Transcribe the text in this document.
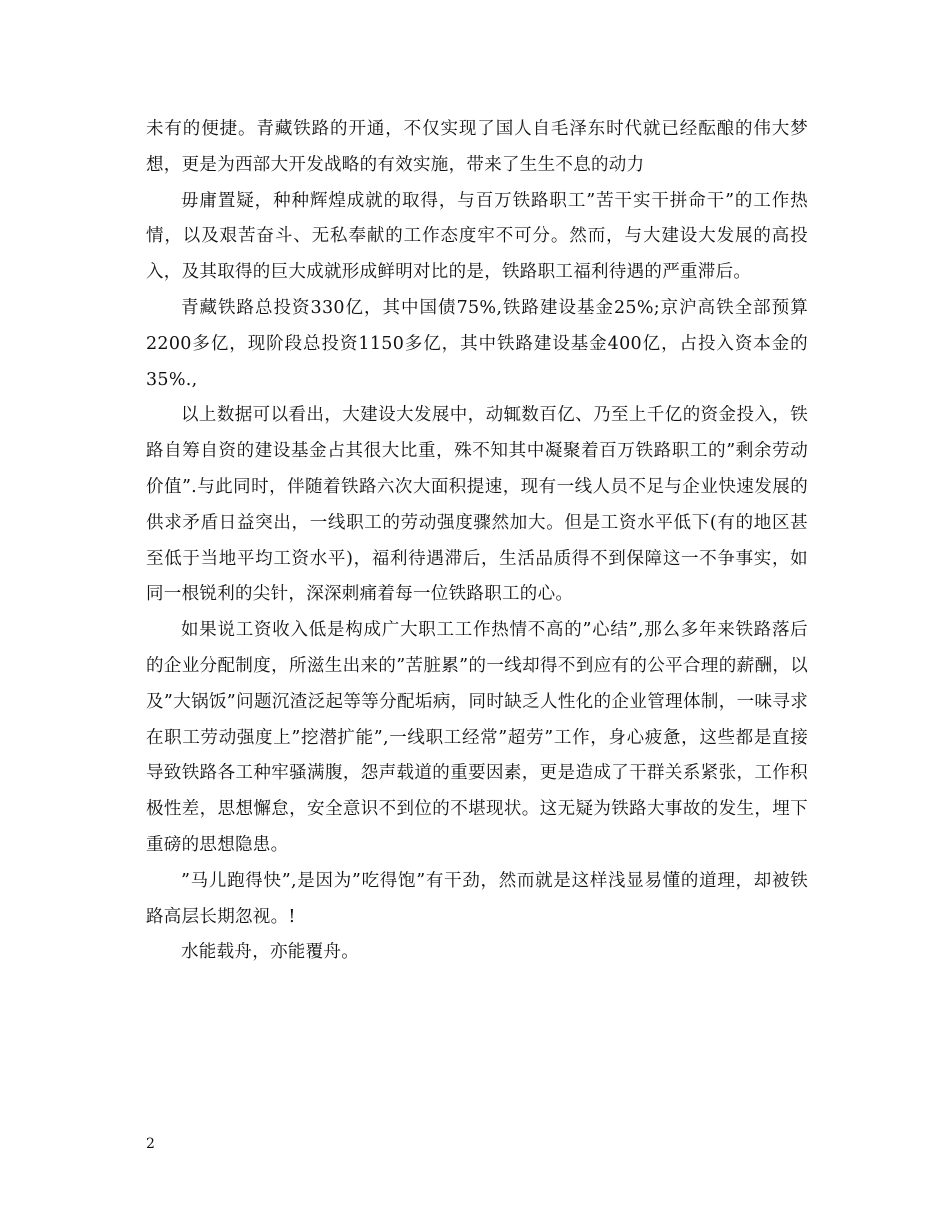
未有的便捷。青藏铁路的开通，不仅实现了国人自毛泽东时代就已经酝酿的伟大梦想，更是为西部大开发战略的有效实施，带来了生生不息的动力

毋庸置疑，种种辉煌成就的取得，与百万铁路职工”苦干实干拼命干”的工作热情，以及艰苦奋斗、无私奉献的工作态度牢不可分。然而，与大建设大发展的高投入，及其取得的巨大成就形成鲜明对比的是，铁路职工福利待遇的严重滞后。

青藏铁路总投资330亿，其中国债75%,铁路建设基金25%;京沪高铁全部预算2200多亿，现阶段总投资1150多亿，其中铁路建设基金400亿，占投入资本金的35%.,

以上数据可以看出，大建设大发展中，动辄数百亿、乃至上千亿的资金投入，铁路自筹自资的建设基金占其很大比重，殊不知其中凝聚着百万铁路职工的”剩余劳动价值”.与此同时，伴随着铁路六次大面积提速，现有一线人员不足与企业快速发展的供求矛盾日益突出，一线职工的劳动强度骤然加大。但是工资水平低下(有的地区甚至低于当地平均工资水平)，福利待遇滞后，生活品质得不到保障这一不争事实，如同一根锐利的尖针，深深刺痛着每一位铁路职工的心。

如果说工资收入低是构成广大职工工作热情不高的”心结”,那么多年来铁路落后的企业分配制度，所滋生出来的”苦脏累”的一线却得不到应有的公平合理的薪酬，以及”大锅饭”问题沉渣泛起等等分配垢病，同时缺乏人性化的企业管理体制，一味寻求在职工劳动强度上”挖潜扩能”,一线职工经常”超劳”工作，身心疲惫，这些都是直接导致铁路各工种牢骚满腹，怨声载道的重要因素，更是造成了干群关系紧张，工作积极性差，思想懈怠，安全意识不到位的不堪现状。这无疑为铁路大事故的发生，埋下重磅的思想隐患。

”马儿跑得快”,是因为”吃得饱”有干劲，然而就是这样浅显易懂的道理，却被铁路高层长期忽视。!

水能载舟，亦能覆舟。

2
